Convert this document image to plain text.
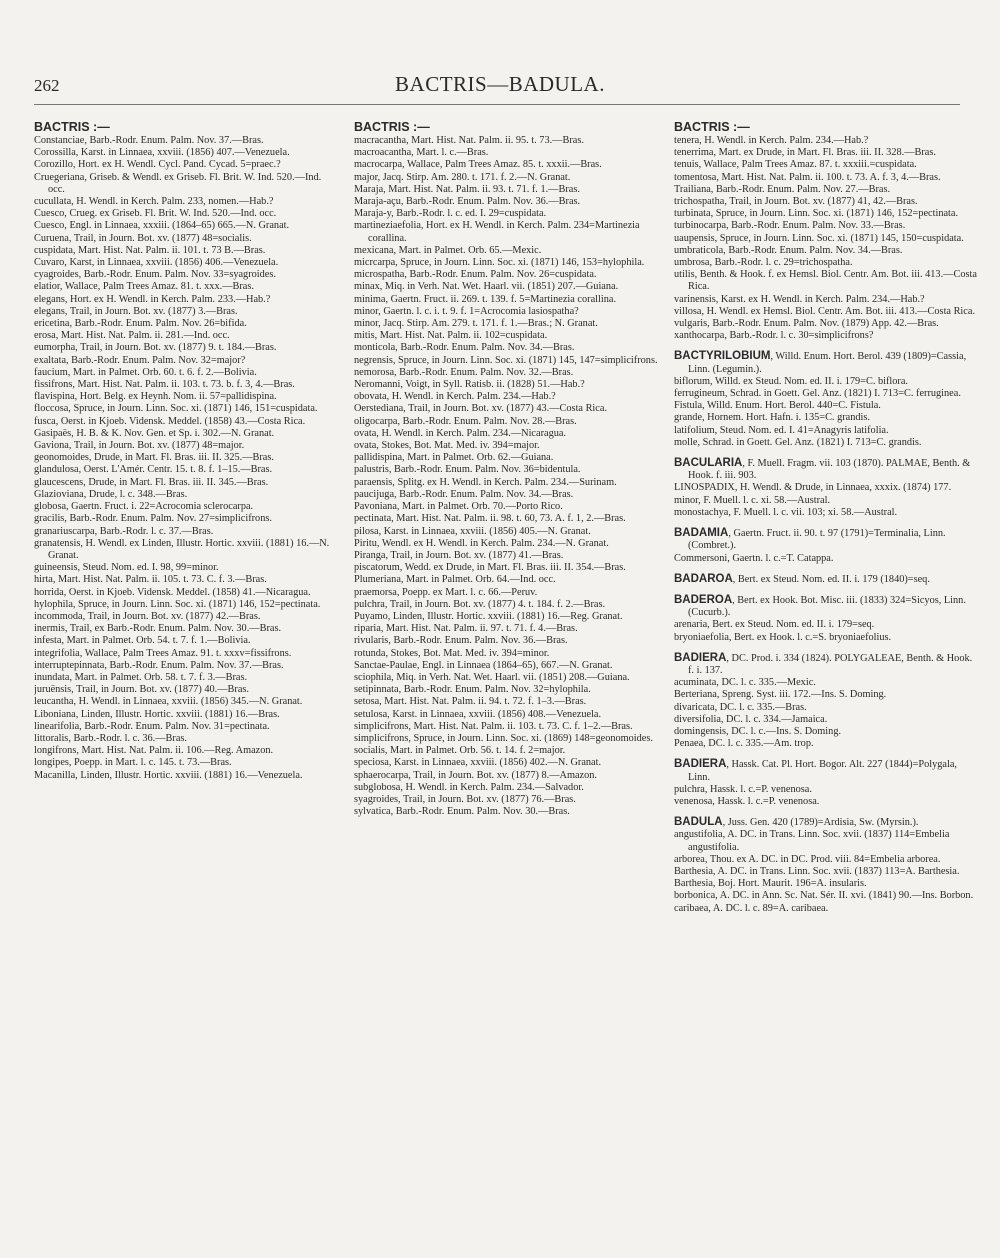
262	BACTRIS—BADULA.
BACTRIS :—
Constanciae, Barb.-Rodr. Enum. Palm. Nov. 37.—Bras.
Corossilla, Karst. in Linnaea, xxviii. (1856) 407.—Venezuela.
Corozillo, Hort. ex H. Wendl. Cycl. Pand. Cycad. 5=praec.?
Cruegeriana, Griseb. & Wendl. ex Griseb. Fl. Brit. W. Ind. 520.—Ind. occ.
cucullata, H. Wendl. in Kerch. Palm. 233, nomen.—Hab.?
Cuesco, Crueg. ex Griseb. Fl. Brit. W. Ind. 520.—Ind. occ.
Cuesco, Engl. in Linnaea, xxxiii. (1864–65) 665.—N. Granat.
Curuena, Trail, in Journ. Bot. xv. (1877) 48=socialis.
cuspidata, Mart. Hist. Nat. Palm. ii. 101. t. 73 B.—Bras.
Cuvaro, Karst, in Linnaea, xxviii. (1856) 406.—Venezuela.
cyagroides, Barb.-Rodr. Enum. Palm. Nov. 33=syagroides.
elatior, Wallace, Palm Trees Amaz. 81. t. xxx.—Bras.
elegans, Hort. ex H. Wendl. in Kerch. Palm. 233.—Hab.?
elegans, Trail, in Journ. Bot. xv. (1877) 3.—Bras.
ericetina, Barb.-Rodr. Enum. Palm. Nov. 26=bifida.
erosa, Mart. Hist. Nat. Palm. ii. 281.—Ind. occ.
eumorpha, Trail, in Journ. Bot. xv. (1877) 9. t. 184.—Bras.
exaltata, Barb.-Rodr. Enum. Palm. Nov. 32=major?
faucium, Mart. in Palmet. Orb. 60. t. 6. f. 2.—Bolivia.
fissifrons, Mart. Hist. Nat. Palm. ii. 103. t. 73. b. f. 3, 4.—Bras.
flavispina, Hort. Belg. ex Heynh. Nom. ii. 57=pallidispina.
floccosa, Spruce, in Journ. Linn. Soc. xi. (1871) 146, 151=cuspidata.
fusca, Oerst. in Kjoeb. Vidensk. Meddel. (1858) 43.—Costa Rica.
Gasipaës, H. B. & K. Nov. Gen. et Sp. i. 302.—N. Granat.
Gaviona, Trail, in Journ. Bot. xv. (1877) 48=major.
geonomoides, Drude, in Mart. Fl. Bras. iii. II. 325.—Bras.
glandulosa, Oerst. L'Amér. Centr. 15. t. 8. f. 1–15.—Bras.
glaucescens, Drude, in Mart. Fl. Bras. iii. II. 345.—Bras.
Glazioviana, Drude, l. c. 348.—Bras.
globosa, Gaertn. Fruct. i. 22=Acrocomia sclerocarpa.
gracilis, Barb.-Rodr. Enum. Palm. Nov. 27=simplicifrons.
granariuscarpa, Barb.-Rodr. l. c. 37.—Bras.
granatensis, H. Wendl. ex Linden, Illustr. Hortic. xxviii. (1881) 16.—N. Granat.
guineensis, Steud. Nom. ed. I. 98, 99=minor.
hirta, Mart. Hist. Nat. Palm. ii. 105. t. 73. C. f. 3.—Bras.
horrida, Oerst. in Kjoeb. Vidensk. Meddel. (1858) 41.—Nicaragua.
hylophila, Spruce, in Journ. Linn. Soc. xi. (1871) 146, 152=pectinata.
incommoda, Trail, in Journ. Bot. xv. (1877) 42.—Bras.
inermis, Trail, ex Barb.-Rodr. Enum. Palm. Nov. 30.—Bras.
infesta, Mart. in Palmet. Orb. 54. t. 7. f. 1.—Bolivia.
integrifolia, Wallace, Palm Trees Amaz. 91. t. xxxv=fissifrons.
interruptepinnata, Barb.-Rodr. Enum. Palm. Nov. 37.—Bras.
inundata, Mart. in Palmet. Orb. 58. t. 7. f. 3.—Bras.
juruënsis, Trail, in Journ. Bot. xv. (1877) 40.—Bras.
leucantha, H. Wendl. in Linnaea, xxviii. (1856) 345.—N. Granat.
Liboniana, Linden, Illustr. Hortic. xxviii. (1881) 16.—Bras.
linearifolia, Barb.-Rodr. Enum. Palm. Nov. 31=pectinata.
littoralis, Barb.-Rodr. l. c. 36.—Bras.
longifrons, Mart. Hist. Nat. Palm. ii. 106.—Reg. Amazon.
longipes, Poepp. in Mart. l. c. 145. t. 73.—Bras.
Macanilla, Linden, Illustr. Hortic. xxviii. (1881) 16.—Venezuela.
BACTRIS :—
macracantha, Mart. Hist. Nat. Palm. ii. 95. t. 73.—Bras.
macroacantha, Mart. l. c.—Bras.
macrocarpa, Wallace, Palm Trees Amaz. 85. t. xxxii.—Bras.
major, Jacq. Stirp. Am. 280. t. 171. f. 2.—N. Granat.
Maraja, Mart. Hist. Nat. Palm. ii. 93. t. 71. f. 1.—Bras.
Maraja-açu, Barb.-Rodr. Enum. Palm. Nov. 36.—Bras.
Maraja-y, Barb.-Rodr. l. c. ed. I. 29=cuspidata.
martineziaefolia, Hort. ex H. Wendl. in Kerch. Palm. 234=Martinezia corallina.
mexicana, Mart. in Palmet. Orb. 65.—Mexic.
micrcarpa, Spruce, in Journ. Linn. Soc. xi. (1871) 146, 153=hylophila.
microspatha, Barb.-Rodr. Enum. Palm. Nov. 26=cuspidata.
minax, Miq. in Verh. Nat. Wet. Haarl. vii. (1851) 207.—Guiana.
minima, Gaertn. Fruct. ii. 269. t. 139. f. 5=Martinezia corallina.
minor, Gaertn. l. c. i. t. 9. f. 1=Acrocomia lasiospatha?
minor, Jacq. Stirp. Am. 279. t. 171. f. 1.—Bras.; N. Granat.
mitis, Mart. Hist. Nat. Palm. ii. 102=cuspidata.
monticola, Barb.-Rodr. Enum. Palm. Nov. 34.—Bras.
negrensis, Spruce, in Journ. Linn. Soc. xi. (1871) 145, 147=simplicifrons.
nemorosa, Barb.-Rodr. Enum. Palm. Nov. 32.—Bras.
Neromanni, Voigt, in Syll. Ratisb. ii. (1828) 51.—Hab.?
obovata, H. Wendl. in Kerch. Palm. 234.—Hab.?
Oerstediana, Trail, in Journ. Bot. xv. (1877) 43.—Costa Rica.
oligocarpa, Barb.-Rodr. Enum. Palm. Nov. 28.—Bras.
ovata, H. Wendl. in Kerch. Palm. 234.—Nicaragua.
ovata, Stokes, Bot. Mat. Med. iv. 394=major.
pallidispina, Mart. in Palmet. Orb. 62.—Guiana.
palustris, Barb.-Rodr. Enum. Palm. Nov. 36=bidentula.
paraensis, Splitg. ex H. Wendl. in Kerch. Palm. 234.—Surinam.
paucijuga, Barb.-Rodr. Enum. Palm. Nov. 34.—Bras.
Pavoniana, Mart. in Palmet. Orb. 70.—Porto Rico.
pectinata, Mart. Hist. Nat. Palm. ii. 98. t. 60, 73. A. f. 1, 2.—Bras.
pilosa, Karst. in Linnaea, xxviii. (1856) 405.—N. Granat.
Piritu, Wendl. ex H. Wendl. in Kerch. Palm. 234.—N. Granat.
Piranga, Trail, in Journ. Bot. xv. (1877) 41.—Bras.
piscatorum, Wedd. ex Drude, in Mart. Fl. Bras. iii. II. 354.—Bras.
Plumeriana, Mart. in Palmet. Orb. 64.—Ind. occ.
praemorsa, Poepp. ex Mart. l. c. 66.—Peruv.
pulchra, Trail, in Journ. Bot. xv. (1877) 4. t. 184. f. 2.—Bras.
Puyamo, Linden, Illustr. Hortic. xxviii. (1881) 16.—Reg. Granat.
riparia, Mart. Hist. Nat. Palm. ii. 97. t. 71. f. 4.—Bras.
rivularis, Barb.-Rodr. Enum. Palm. Nov. 36.—Bras.
rotunda, Stokes, Bot. Mat. Med. iv. 394=minor.
Sanctae-Paulae, Engl. in Linnaea (1864–65), 667.—N. Granat.
sciophila, Miq. in Verh. Nat. Wet. Haarl. vii. (1851) 208.—Guiana.
setipinnata, Barb.-Rodr. Enum. Palm. Nov. 32=hylophila.
setosa, Mart. Hist. Nat. Palm. ii. 94. t. 72. f. 1–3.—Bras.
setulosa, Karst. in Linnaea, xxviii. (1856) 408.—Venezuela.
simplicifrons, Mart. Hist. Nat. Palm. ii. 103. t. 73. C. f. 1–2.—Bras.
simplicifrons, Spruce, in Journ. Linn. Soc. xi. (1869) 148=geonomoides.
socialis, Mart. in Palmet. Orb. 56. t. 14. f. 2=major.
speciosa, Karst. in Linnaea, xxviii. (1856) 402.—N. Granat.
sphaerocarpa, Trail, in Journ. Bot. xv. (1877) 8.—Amazon.
subglobosa, H. Wendl. in Kerch. Palm. 234.—Salvador.
syagroides, Trail, in Journ. Bot. xv. (1877) 76.—Bras.
sylvatica, Barb.-Rodr. Enum. Palm. Nov. 30.—Bras.
BACTRIS :—
tenera, H. Wendl. in Kerch. Palm. 234.—Hab.?
tenerrima, Mart. ex Drude, in Mart. Fl. Bras. iii. II. 328.—Bras.
tenuis, Wallace, Palm Trees Amaz. 87. t. xxxiii.=cuspidata.
tomentosa, Mart. Hist. Nat. Palm. ii. 100. t. 73. A. f. 3, 4.—Bras.
Trailiana, Barb.-Rodr. Enum. Palm. Nov. 27.—Bras.
trichospatha, Trail, in Journ. Bot. xv. (1877) 41, 42.—Bras.
turbinata, Spruce, in Journ. Linn. Soc. xi. (1871) 146, 152=pectinata.
turbinocarpa, Barb.-Rodr. Enum. Palm. Nov. 33.—Bras.
uaupensis, Spruce, in Journ. Linn. Soc. xi. (1871) 145, 150=cuspidata.
umbraticola, Barb.-Rodr. Enum. Palm. Nov. 34.—Bras.
umbrosa, Barb.-Rodr. l. c. 29=trichospatha.
utilis, Benth. & Hook. f. ex Hemsl. Biol. Centr. Am. Bot. iii. 413.—Costa Rica.
varinensis, Karst. ex H. Wendl. in Kerch. Palm. 234.—Hab.?
villosa, H. Wendl. ex Hemsl. Biol. Centr. Am. Bot. iii. 413.—Costa Rica.
vulgaris, Barb.-Rodr. Enum. Palm. Nov. (1879) App. 42.—Bras.
xanthocarpa, Barb.-Rodr. l. c. 30=simplicifrons?
BACTYRILOBIUM, Willd. Enum. Hort. Berol. 439 (1809)=Cassia, Linn. (Legumin.).
biflorum, Willd. ex Steud. Nom. ed. II. i. 179=C. biflora.
ferrugineum, Schrad. in Goett. Gel. Anz. (1821) I. 713=C. ferruginea.
Fistula, Willd. Enum. Hort. Berol. 440=C. Fistula.
grande, Hornem. Hort. Hafn. i. 135=C. grandis.
latifolium, Steud. Nom. ed. I. 41=Anagyris latifolia.
molle, Schrad. in Goett. Gel. Anz. (1821) I. 713=C. grandis.
BACULARIA, F. Muell. Fragm. vii. 103 (1870). PALMAE, Benth. & Hook. f. iii. 903.
LINOSPADIX, H. Wendl. & Drude, in Linnaea, xxxix. (1874) 177.
minor, F. Muell. l. c. xi. 58.—Austral.
monostachya, F. Muell. l. c. vii. 103; xi. 58.—Austral.
BADAMIA, Gaertn. Fruct. ii. 90. t. 97 (1791)=Terminalia, Linn. (Combret.).
Commersoni, Gaertn. l. c.=T. Catappa.
BADAROA, Bert. ex Steud. Nom. ed. II. i. 179 (1840)=seq.
BADEROA, Bert. ex Hook. Bot. Misc. iii. (1833) 324=Sicyos, Linn. (Cucurb.).
arenaria, Bert. ex Steud. Nom. ed. II. i. 179=seq.
bryoniaefolia, Bert. ex Hook. l. c.=S. bryoniaefolius.
BADIERA, DC. Prod. i. 334 (1824). POLYGALEAE, Benth. & Hook. f. i. 137.
acuminata, DC. l. c. 335.—Mexic.
Berteriana, Spreng. Syst. iii. 172.—Ins. S. Doming.
divaricata, DC. l. c. 335.—Bras.
diversifolia, DC. l. c. 334.—Jamaica.
domingensis, DC. l. c.—Ins. S. Doming.
Penaea, DC. l. c. 335.—Am. trop.
BADIERA, Hassk. Cat. Pl. Hort. Bogor. Alt. 227 (1844)=Polygala, Linn.
pulchra, Hassk. l. c.=P. venenosa.
venenosa, Hassk. l. c.=P. venenosa.
BADULA, Juss. Gen. 420 (1789)=Ardisia, Sw. (Myrsin.).
angustifolia, A. DC. in Trans. Linn. Soc. xvii. (1837) 114=Embelia angustifolia.
arborea, Thou. ex A. DC. in DC. Prod. viii. 84=Embelia arborea.
Barthesia, A. DC. in Trans. Linn. Soc. xvii. (1837) 113=A. Barthesia.
Barthesia, Boj. Hort. Maurit. 196=A. insularis.
borbonica, A. DC. in Ann. Sc. Nat. Sér. II. xvi. (1841) 90.—Ins. Borbon.
caribaea, A. DC. l. c. 89=A. caribaea.
